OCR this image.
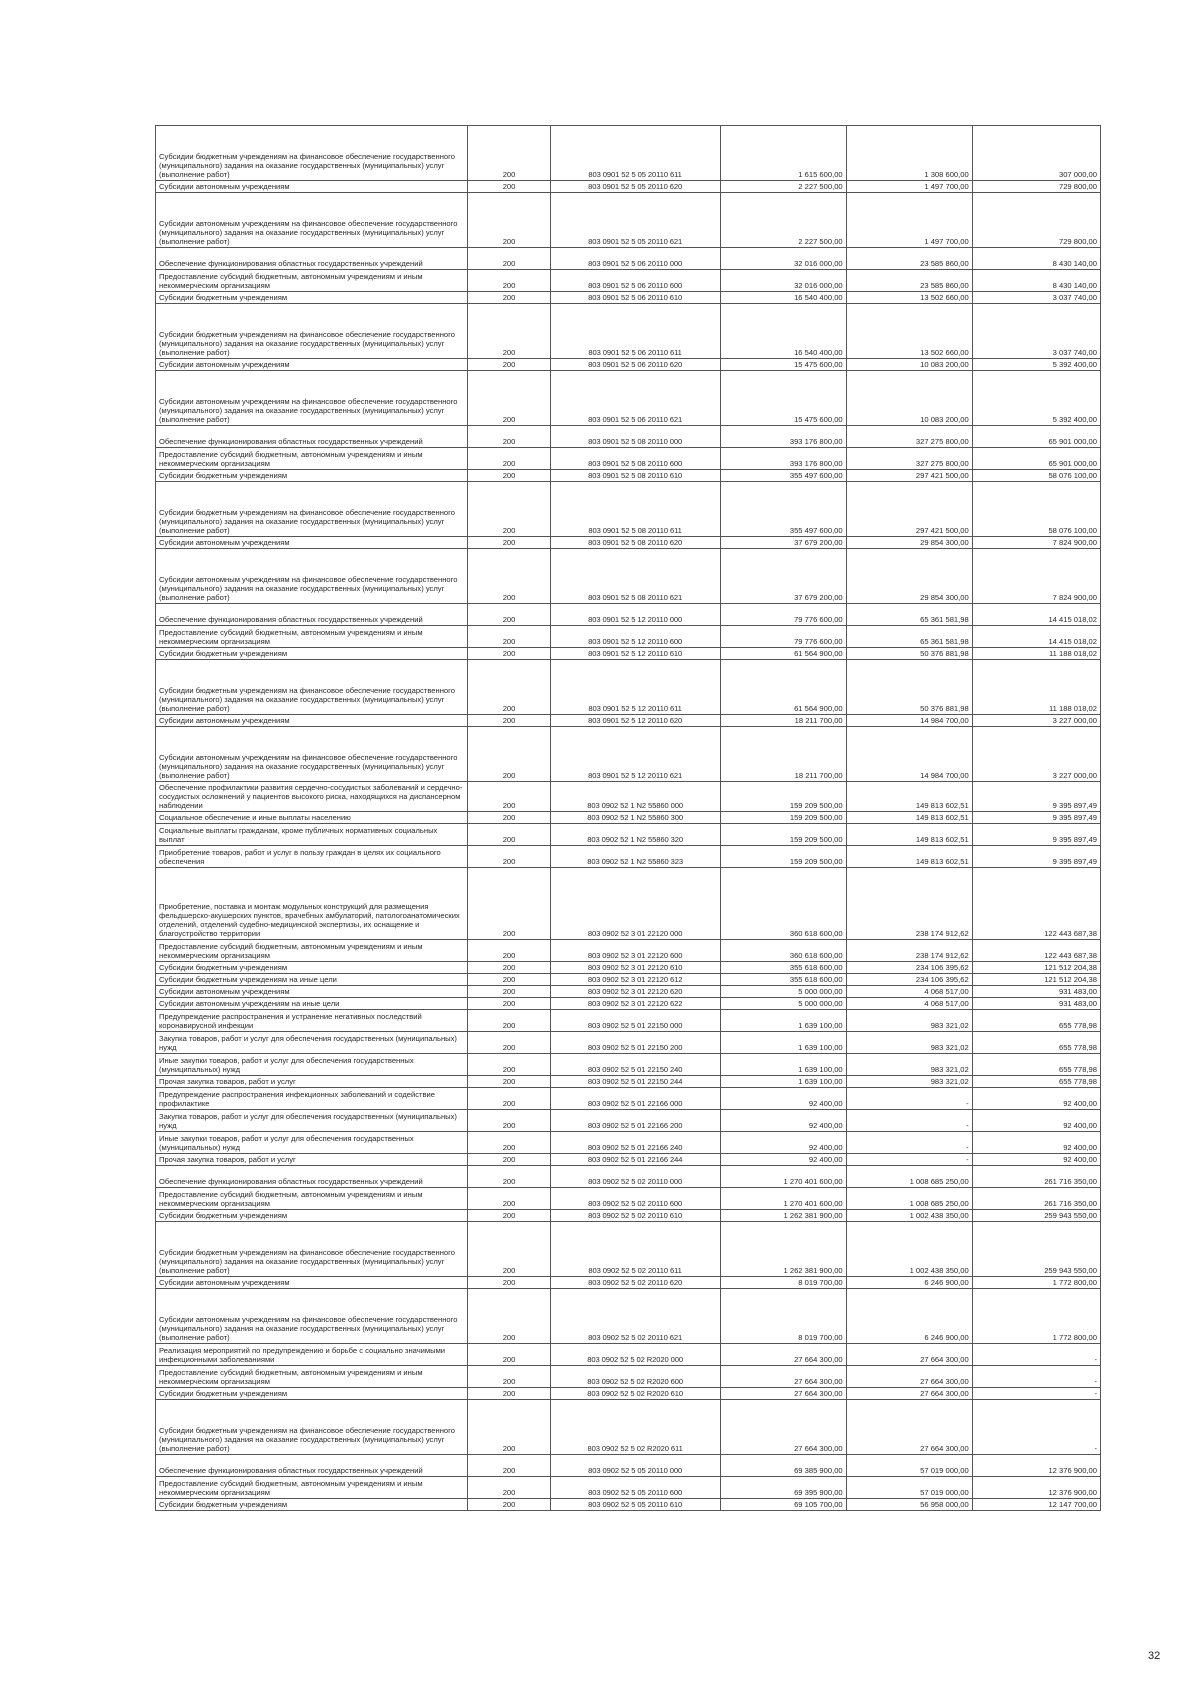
Субсидии бюджетным учреждениям на финансовое обеспечение государственного (муниципального) задания на оказание государственных (муниципальных) услуг (выполнение работ)	200	803 0901 52 5 05 20110 611	1 615 600,00	1 308 600,00	307 000,00
Субсидии автономным учреждениям	200	803 0901 52 5 05 20110 620	2 227 500,00	1 497 700,00	729 800,00
Субсидии автономным учреждениям на финансовое обеспечение государственного (муниципального) задания на оказание государственных (муниципальных) услуг (выполнение работ)	200	803 0901 52 5 05 20110 621	2 227 500,00	1 497 700,00	729 800,00
Обеспечение функционирования областных государственных учреждений	200	803 0901 52 5 06 20110 000	32 016 000,00	23 585 860,00	8 430 140,00
Предоставление субсидий бюджетным, автономным учреждениям и иным некоммерческим организациям	200	803 0901 52 5 06 20110 600	32 016 000,00	23 585 860,00	8 430 140,00
Субсидии бюджетным учреждениям	200	803 0901 52 5 06 20110 610	16 540 400,00	13 502 660,00	3 037 740,00
Субсидии бюджетным учреждениям на финансовое обеспечение государственного (муниципального) задания на оказание государственных (муниципальных) услуг (выполнение работ)	200	803 0901 52 5 06 20110 611	16 540 400,00	13 502 660,00	3 037 740,00
Субсидии автономным учреждениям	200	803 0901 52 5 06 20110 620	15 475 600,00	10 083 200,00	5 392 400,00
Субсидии автономным учреждениям на финансовое обеспечение государственного (муниципального) задания на оказание государственных (муниципальных) услуг (выполнение работ)	200	803 0901 52 5 06 20110 621	15 475 600,00	10 083 200,00	5 392 400,00
Обеспечение функционирования областных государственных учреждений	200	803 0901 52 5 08 20110 000	393 176 800,00	327 275 800,00	65 901 000,00
Предоставление субсидий бюджетным, автономным учреждениям и иным некоммерческим организациям	200	803 0901 52 5 08 20110 600	393 176 800,00	327 275 800,00	65 901 000,00
Субсидии бюджетным учреждениям	200	803 0901 52 5 08 20110 610	355 497 600,00	297 421 500,00	58 076 100,00
Субсидии бюджетным учреждениям на финансовое обеспечение государственного (муниципального) задания на оказание государственных (муниципальных) услуг (выполнение работ)	200	803 0901 52 5 08 20110 611	355 497 600,00	297 421 500,00	58 076 100,00
Субсидии автономным учреждениям	200	803 0901 52 5 08 20110 620	37 679 200,00	29 854 300,00	7 824 900,00
Субсидии автономным учреждениям на финансовое обеспечение государственного (муниципального) задания на оказание государственных (муниципальных) услуг (выполнение работ)	200	803 0901 52 5 08 20110 621	37 679 200,00	29 854 300,00	7 824 900,00
Обеспечение функционирования областных государственных учреждений	200	803 0901 52 5 12 20110 000	79 776 600,00	65 361 581,98	14 415 018,02
Предоставление субсидий бюджетным, автономным учреждениям и иным некоммерческим организациям	200	803 0901 52 5 12 20110 600	79 776 600,00	65 361 581,98	14 415 018,02
Субсидии бюджетным учреждениям	200	803 0901 52 5 12 20110 610	61 564 900,00	50 376 881,98	11 188 018,02
Субсидии бюджетным учреждениям на финансовое обеспечение государственного (муниципального) задания на оказание государственных (муниципальных) услуг (выполнение работ)	200	803 0901 52 5 12 20110 611	61 564 900,00	50 376 881,98	11 188 018,02
Субсидии автономным учреждениям	200	803 0901 52 5 12 20110 620	18 211 700,00	14 984 700,00	3 227 000,00
Субсидии автономным учреждениям на финансовое обеспечение государственного (муниципального) задания на оказание государственных (муниципальных) услуг (выполнение работ)	200	803 0901 52 5 12 20110 621	18 211 700,00	14 984 700,00	3 227 000,00
Обеспечение профилактики развития сердечно-сосудистых заболеваний и сердечно-сосудистых осложнений у пациентов высокого риска, находящихся на диспансерном наблюдении	200	803 0902 52 1 N2 55860 000	159 209 500,00	149 813 602,51	9 395 897,49
Социальное обеспечение и иные выплаты населению	200	803 0902 52 1 N2 55860 300	159 209 500,00	149 813 602,51	9 395 897,49
Социальные выплаты гражданам, кроме публичных нормативных социальных выплат	200	803 0902 52 1 N2 55860 320	159 209 500,00	149 813 602,51	9 395 897,49
Приобретение товаров, работ и услуг в пользу граждан в целях их социального обеспечения	200	803 0902 52 1 N2 55860 323	159 209 500,00	149 813 602,51	9 395 897,49
Приобретение, поставка и монтаж модульных конструкций для размещения фельдшерско-акушерских пунктов, врачебных амбулаторий, патологоанатомических отделений, отделений судебно-медицинской экспертизы, их оснащение и благоустройство территории	200	803 0902 52 3 01 22120 000	360 618 600,00	238 174 912,62	122 443 687,38
Предоставление субсидий бюджетным, автономным учреждениям и иным некоммерческим организациям	200	803 0902 52 3 01 22120 600	360 618 600,00	238 174 912,62	122 443 687,38
Субсидии бюджетным учреждениям	200	803 0902 52 3 01 22120 610	355 618 600,00	234 106 395,62	121 512 204,38
Субсидии бюджетным учреждениям на иные цели	200	803 0902 52 3 01 22120 612	355 618 600,00	234 106 395,62	121 512 204,38
Субсидии автономным учреждениям	200	803 0902 52 3 01 22120 620	5 000 000,00	4 068 517,00	931 483,00
Субсидии автономным учреждениям на иные цели	200	803 0902 52 3 01 22120 622	5 000 000,00	4 068 517,00	931 483,00
Предупреждение распространения и устранение негативных последствий коронавирусной инфекции	200	803 0902 52 5 01 22150 000	1 639 100,00	983 321,02	655 778,98
Закупка товаров, работ и услуг для обеспечения государственных (муниципальных) нужд	200	803 0902 52 5 01 22150 200	1 639 100,00	983 321,02	655 778,98
Иные закупки товаров, работ и услуг для обеспечения государственных (муниципальных) нужд	200	803 0902 52 5 01 22150 240	1 639 100,00	983 321,02	655 778,98
Прочая закупка товаров, работ и услуг	200	803 0902 52 5 01 22150 244	1 639 100,00	983 321,02	655 778,98
Предупреждение распространения инфекционных заболеваний и содействие профилактике	200	803 0902 52 5 01 22166 000	92 400,00	-	92 400,00
Закупка товаров, работ и услуг для обеспечения государственных (муниципальных) нужд	200	803 0902 52 5 01 22166 200	92 400,00	-	92 400,00
Иные закупки товаров, работ и услуг для обеспечения государственных (муниципальных) нужд	200	803 0902 52 5 01 22166 240	92 400,00	-	92 400,00
Прочая закупка товаров, работ и услуг	200	803 0902 52 5 01 22166 244	92 400,00	-	92 400,00
Обеспечение функционирования областных государственных учреждений	200	803 0902 52 5 02 20110 000	1 270 401 600,00	1 008 685 250,00	261 716 350,00
Предоставление субсидий бюджетным, автономным учреждениям и иным некоммерческим организациям	200	803 0902 52 5 02 20110 600	1 270 401 600,00	1 008 685 250,00	261 716 350,00
Субсидии бюджетным учреждениям	200	803 0902 52 5 02 20110 610	1 262 381 900,00	1 002 438 350,00	259 943 550,00
Субсидии бюджетным учреждениям на финансовое обеспечение государственного (муниципального) задания на оказание государственных (муниципальных) услуг (выполнение работ)	200	803 0902 52 5 02 20110 611	1 262 381 900,00	1 002 438 350,00	259 943 550,00
Субсидии автономным учреждениям	200	803 0902 52 5 02 20110 620	8 019 700,00	6 246 900,00	1 772 800,00
Субсидии автономным учреждениям на финансовое обеспечение государственного (муниципального) задания на оказание государственных (муниципальных) услуг (выполнение работ)	200	803 0902 52 5 02 20110 621	8 019 700,00	6 246 900,00	1 772 800,00
Реализация мероприятий по предупреждению и борьбе с социально значимыми инфекционными заболеваниями	200	803 0902 52 5 02 R2020 000	27 664 300,00	27 664 300,00	-
Предоставление субсидий бюджетным, автономным учреждениям и иным некоммерческим организациям	200	803 0902 52 5 02 R2020 600	27 664 300,00	27 664 300,00	-
Субсидии бюджетным учреждениям	200	803 0902 52 5 02 R2020 610	27 664 300,00	27 664 300,00	-
Субсидии бюджетным учреждениям на финансовое обеспечение государственного (муниципального) задания на оказание государственных (муниципальных) услуг (выполнение работ)	200	803 0902 52 5 02 R2020 611	27 664 300,00	27 664 300,00	-
Обеспечение функционирования областных государственных учреждений	200	803 0902 52 5 05 20110 000	69 385 900,00	57 019 000,00	12 376 900,00
Предоставление субсидий бюджетным, автономным учреждениям и иным некоммерческим организациям	200	803 0902 52 5 05 20110 600	69 395 900,00	57 019 000,00	12 376 900,00
Субсидии бюджетным учреждениям	200	803 0902 52 5 05 20110 610	69 105 700,00	56 958 000,00	12 147 700,00
32
